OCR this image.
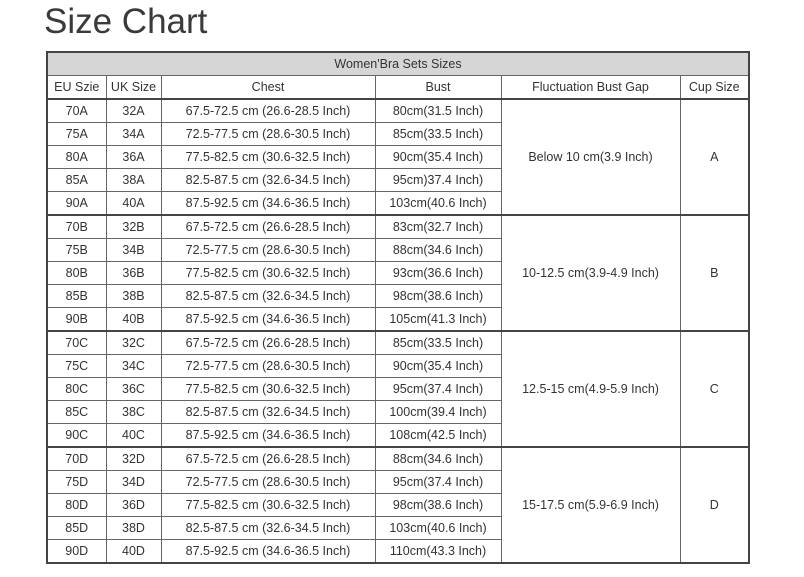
Size Chart
Women'Bra Sets Sizes					
EU Szie	UK Size	Chest	Bust	Fluctuation Bust Gap	Cup Size
70A	32A	67.5-72.5 cm (26.6-28.5 Inch)	80cm(31.5 Inch)	Below 10 cm(3.9 Inch)	A
75A	34A	72.5-77.5 cm (28.6-30.5 Inch)	85cm(33.5 Inch)		
80A	36A	77.5-82.5 cm (30.6-32.5 Inch)	90cm(35.4 Inch)		
85A	38A	82.5-87.5 cm (32.6-34.5 Inch)	95cm)37.4 Inch)		
90A	40A	87.5-92.5 cm (34.6-36.5 Inch)	103cm(40.6 Inch)		
70B	32B	67.5-72.5 cm (26.6-28.5 Inch)	83cm(32.7 Inch)	10-12.5 cm(3.9-4.9 Inch)	B
75B	34B	72.5-77.5 cm (28.6-30.5 Inch)	88cm(34.6 Inch)		
80B	36B	77.5-82.5 cm (30.6-32.5 Inch)	93cm(36.6 Inch)		
85B	38B	82.5-87.5 cm (32.6-34.5 Inch)	98cm(38.6 Inch)		
90B	40B	87.5-92.5 cm (34.6-36.5 Inch)	105cm(41.3 Inch)		
70C	32C	67.5-72.5 cm (26.6-28.5 Inch)	85cm(33.5 Inch)	12.5-15 cm(4.9-5.9 Inch)	C
75C	34C	72.5-77.5 cm (28.6-30.5 Inch)	90cm(35.4 Inch)		
80C	36C	77.5-82.5 cm (30.6-32.5 Inch)	95cm(37.4 Inch)		
85C	38C	82.5-87.5 cm (32.6-34.5 Inch)	100cm(39.4 Inch)		
90C	40C	87.5-92.5 cm (34.6-36.5 Inch)	108cm(42.5 Inch)		
70D	32D	67.5-72.5 cm (26.6-28.5 Inch)	88cm(34.6 Inch)	15-17.5 cm(5.9-6.9 Inch)	D
75D	34D	72.5-77.5 cm (28.6-30.5 Inch)	95cm(37.4 Inch)		
80D	36D	77.5-82.5 cm (30.6-32.5 Inch)	98cm(38.6 Inch)		
85D	38D	82.5-87.5 cm (32.6-34.5 Inch)	103cm(40.6 Inch)		
90D	40D	87.5-92.5 cm (34.6-36.5 Inch)	110cm(43.3 Inch)		
